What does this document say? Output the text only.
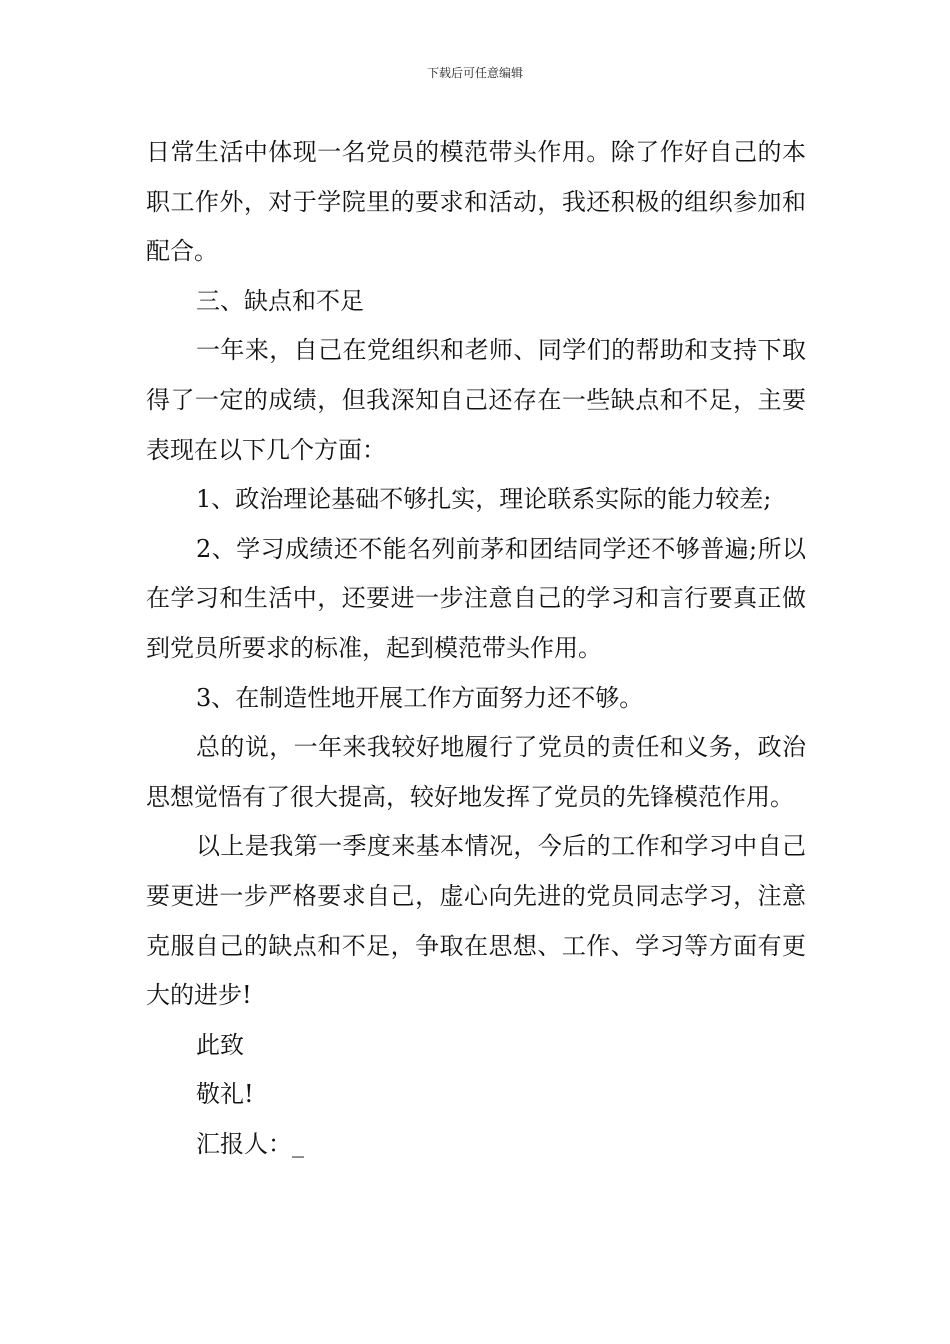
下载后可任意编辑

日常生活中体现一名党员的模范带头作用。除了作好自己的本职工作外，对于学院里的要求和活动，我还积极的组织参加和配合。

三、缺点和不足

一年来，自己在党组织和老师、同学们的帮助和支持下取得了一定的成绩，但我深知自己还存在一些缺点和不足，主要表现在以下几个方面：

1、政治理论基础不够扎实，理论联系实际的能力较差;

2、学习成绩还不能名列前茅和团结同学还不够普遍;所以在学习和生活中，还要进一步注意自己的学习和言行要真正做到党员所要求的标准，起到模范带头作用。

3、在制造性地开展工作方面努力还不够。

总的说，一年来我较好地履行了党员的责任和义务，政治思想觉悟有了很大提高，较好地发挥了党员的先锋模范作用。

以上是我第一季度来基本情况，今后的工作和学习中自己要更进一步严格要求自己，虚心向先进的党员同志学习，注意克服自己的缺点和不足，争取在思想、工作、学习等方面有更大的进步!

此致

敬礼!

汇报人：_
